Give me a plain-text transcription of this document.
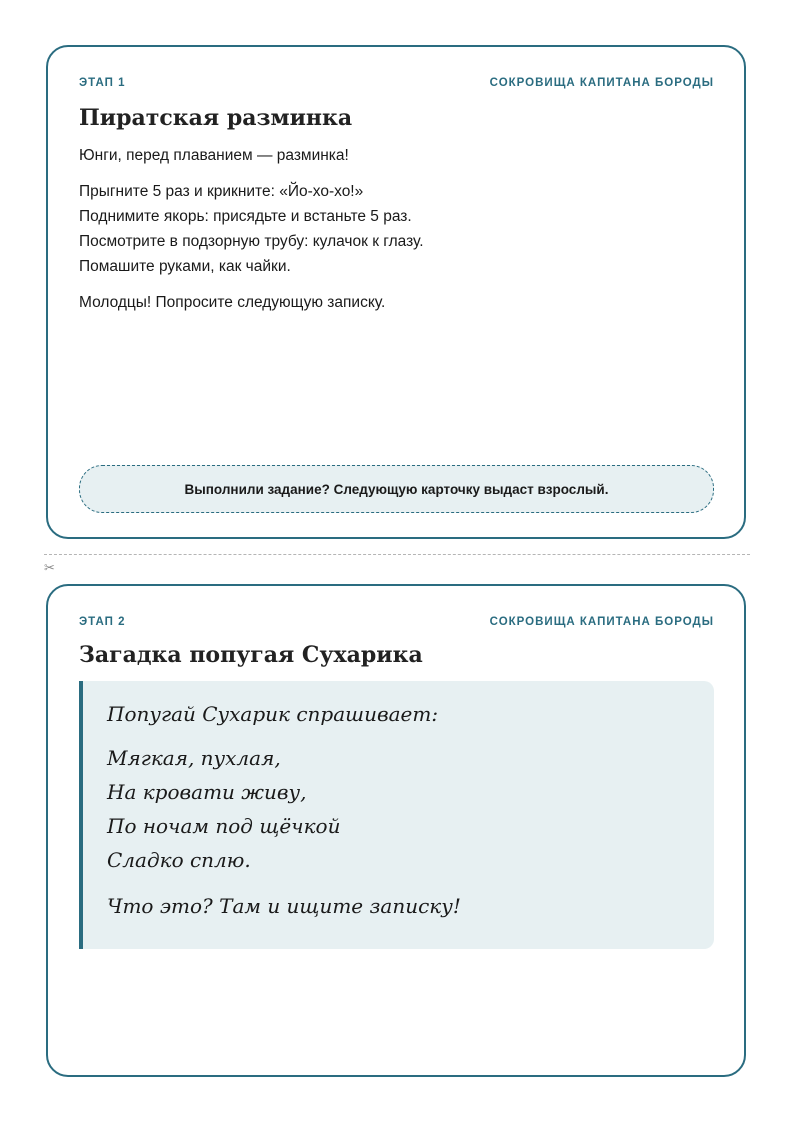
ЭТАП 1	СОКРОВИЩА КАПИТАНА БОРОДЫ
Пиратская разминка

Юнги, перед плаванием — разминка!

Прыгните 5 раз и крикните: «Йо-хо-хо!»

Поднимите якорь: присядьте и встаньте 5 раз.

Посмотрите в подзорную трубу: кулачок к глазу.

Помашите руками, как чайки.

Молодцы! Попросите следующую записку.

Выполнили задание? Следующую карточку выдаст взрослый.
✂
ЭТАП 2	СОКРОВИЩА КАПИТАНА БОРОДЫ
Загадка попугая Сухарика

Попугай Сухарик спрашивает:

Мягкая, пухлая,

На кровати живу,

По ночам под щёчкой

Сладко сплю.

Что это? Там и ищите записку!
